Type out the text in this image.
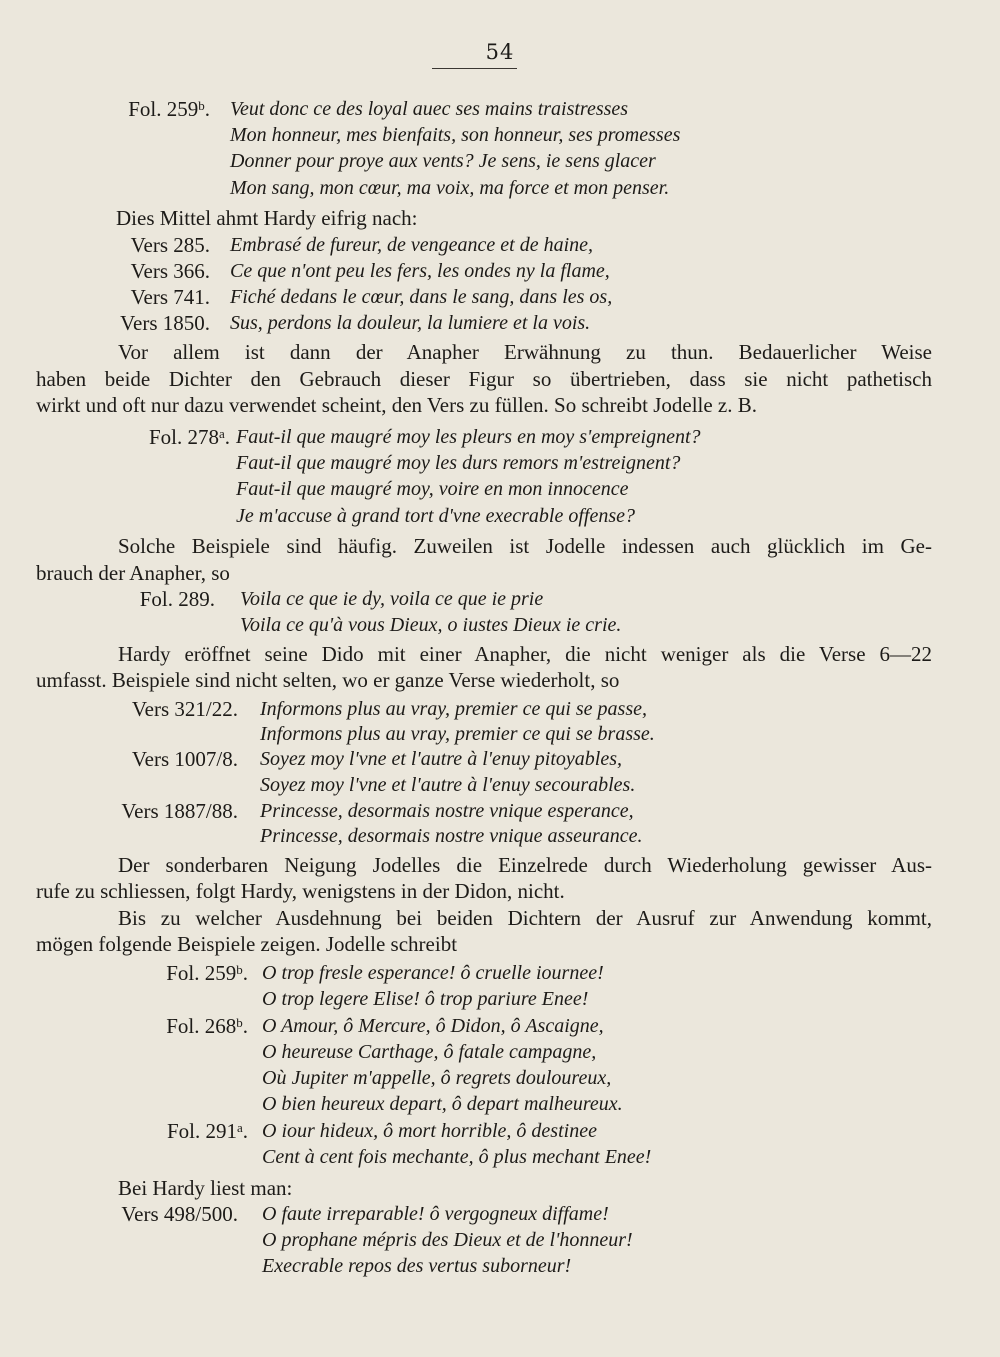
54
Fol. 259$^b$. Veut donc ce des loyal auec ses mains traistresses
Mon honneur, mes bienfaits, son honneur, ses promesses
Donner pour proye aux vents? Je sens, ie sens glacer
Mon sang, mon cœur, ma voix, ma force et mon penser.
Dies Mittel ahmt Hardy eifrig nach:
Vers 285. Embrasé de fureur, de vengeance et de haine,
Vers 366. Ce que n'ont peu les fers, les ondes ny la flame,
Vers 741. Fiché dedans le cœur, dans le sang, dans les os,
Vers 1850. Sus, perdons la douleur, la lumiere et la vois.
Vor allem ist dann der Anapher Erwähnung zu thun. Bedauerlicher Weise
haben beide Dichter den Gebrauch dieser Figur so übertrieben, dass sie nicht pathetisch
wirkt und oft nur dazu verwendet scheint, den Vers zu füllen. So schreibt Jodelle z. B.
Fol. 278$^a$. Faut-il que maugré moy les pleurs en moy s'empreignent?
Faut-il que maugré moy les durs remors m'estreignent?
Faut-il que maugré moy, voire en mon innocence
Je m'accuse à grand tort d'vne execrable offense?
Solche Beispiele sind häufig. Zuweilen ist Jodelle indessen auch glücklich im Ge-
brauch der Anapher, so
Fol. 289. Voila ce que ie dy, voila ce que ie prie
Voila ce qu'à vous Dieux, o iustes Dieux ie crie.
Hardy eröffnet seine Dido mit einer Anapher, die nicht weniger als die Verse 6—22
umfasst. Beispiele sind nicht selten, wo er ganze Verse wiederholt, so
Vers 321/22. Informons plus au vray, premier ce qui se passe,
Informons plus au vray, premier ce qui se brasse.
Vers 1007/8. Soyez moy l'vne et l'autre à l'enuy pitoyables,
Soyez moy l'vne et l'autre à l'enuy secourables.
Vers 1887/88. Princesse, desormais nostre vnique esperance,
Princesse, desormais nostre vnique asseurance.
Der sonderbaren Neigung Jodelles die Einzelrede durch Wiederholung gewisser Aus-
rufe zu schliessen, folgt Hardy, wenigstens in der Didon, nicht.
Bis zu welcher Ausdehnung bei beiden Dichtern der Ausruf zur Anwendung kommt,
mögen folgende Beispiele zeigen. Jodelle schreibt
Fol. 259$^b$. O trop fresle esperance! ô cruelle iournee!
O trop legere Elise! ô trop pariure Enee!
Fol. 268$^b$. O Amour, ô Mercure, ô Didon, ô Ascaigne,
O heureuse Carthage, ô fatale campagne,
Où Jupiter m'appelle, ô regrets douloureux,
O bien heureux depart, ô depart malheureux.
Fol. 291$^a$. O iour hideux, ô mort horrible, ô destinee
Cent à cent fois mechante, ô plus mechant Enee!
Bei Hardy liest man:
Vers 498/500. O faute irreparable! ô vergogneux diffame!
O prophane mépris des Dieux et de l'honneur!
Execrable repos des vertus suborneur!
